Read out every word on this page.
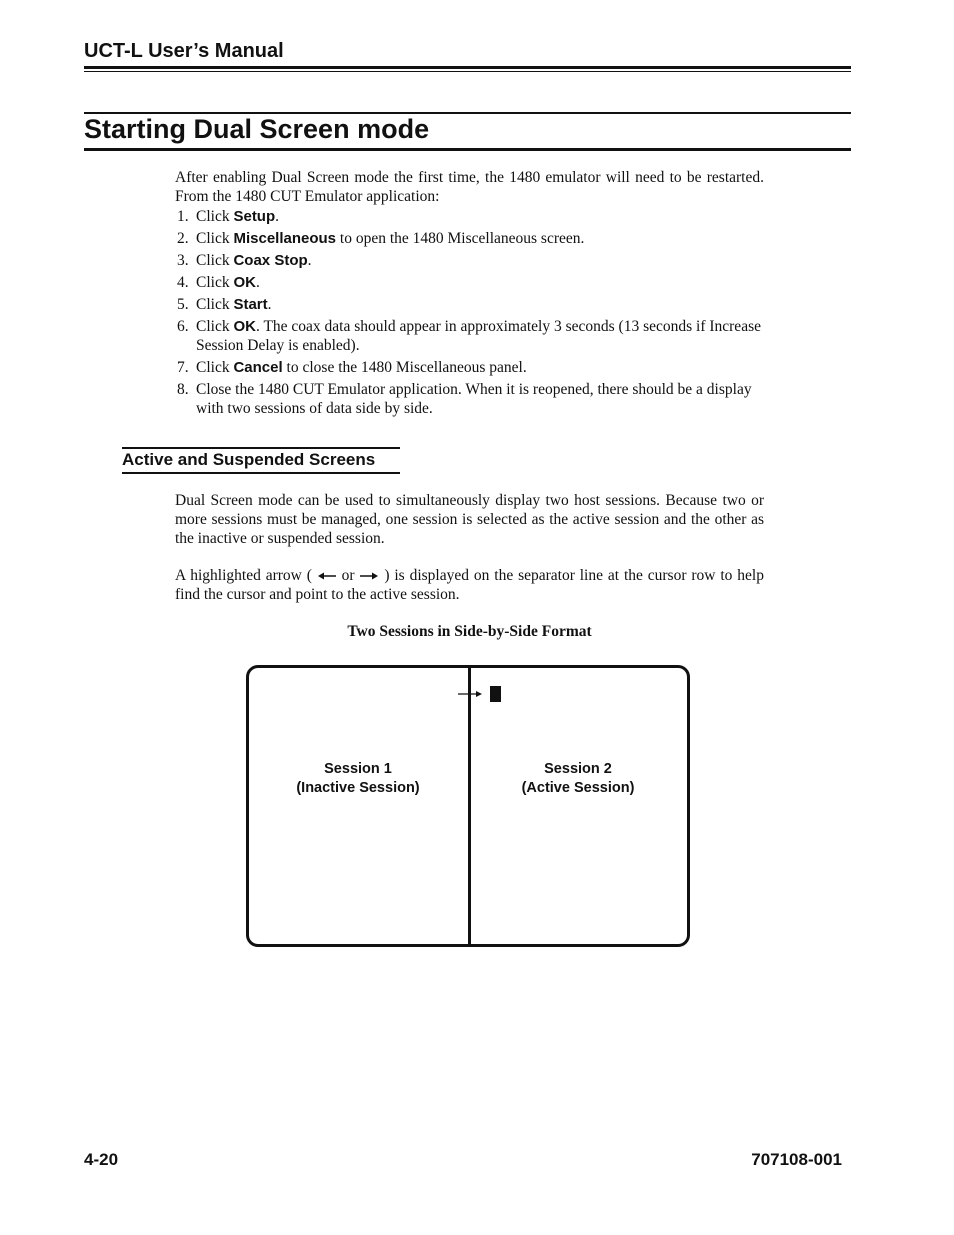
UCT-L User’s Manual
Starting Dual Screen mode
After enabling Dual Screen mode the first time, the 1480 emulator will need to be restarted. From the 1480 CUT Emulator application:
1. Click Setup.
2. Click Miscellaneous to open the 1480 Miscellaneous screen.
3. Click Coax Stop.
4. Click OK.
5. Click Start.
6. Click OK. The coax data should appear in approximately 3 seconds (13 seconds if Increase Session Delay is enabled).
7. Click Cancel to close the 1480 Miscellaneous panel.
8. Close the 1480 CUT Emulator application. When it is reopened, there should be a display with two sessions of data side by side.
Active and Suspended Screens
Dual Screen mode can be used to simultaneously display two host sessions. Because two or more sessions must be managed, one session is selected as the active session and the other as the inactive or suspended session.
A highlighted arrow (  or  ) is displayed on the separator line at the cursor row to help find the cursor and point to the active session.
Two Sessions in Side-by-Side Format
Session 1
(Inactive Session)
Session 2
(Active Session)
4-20	707108-001
